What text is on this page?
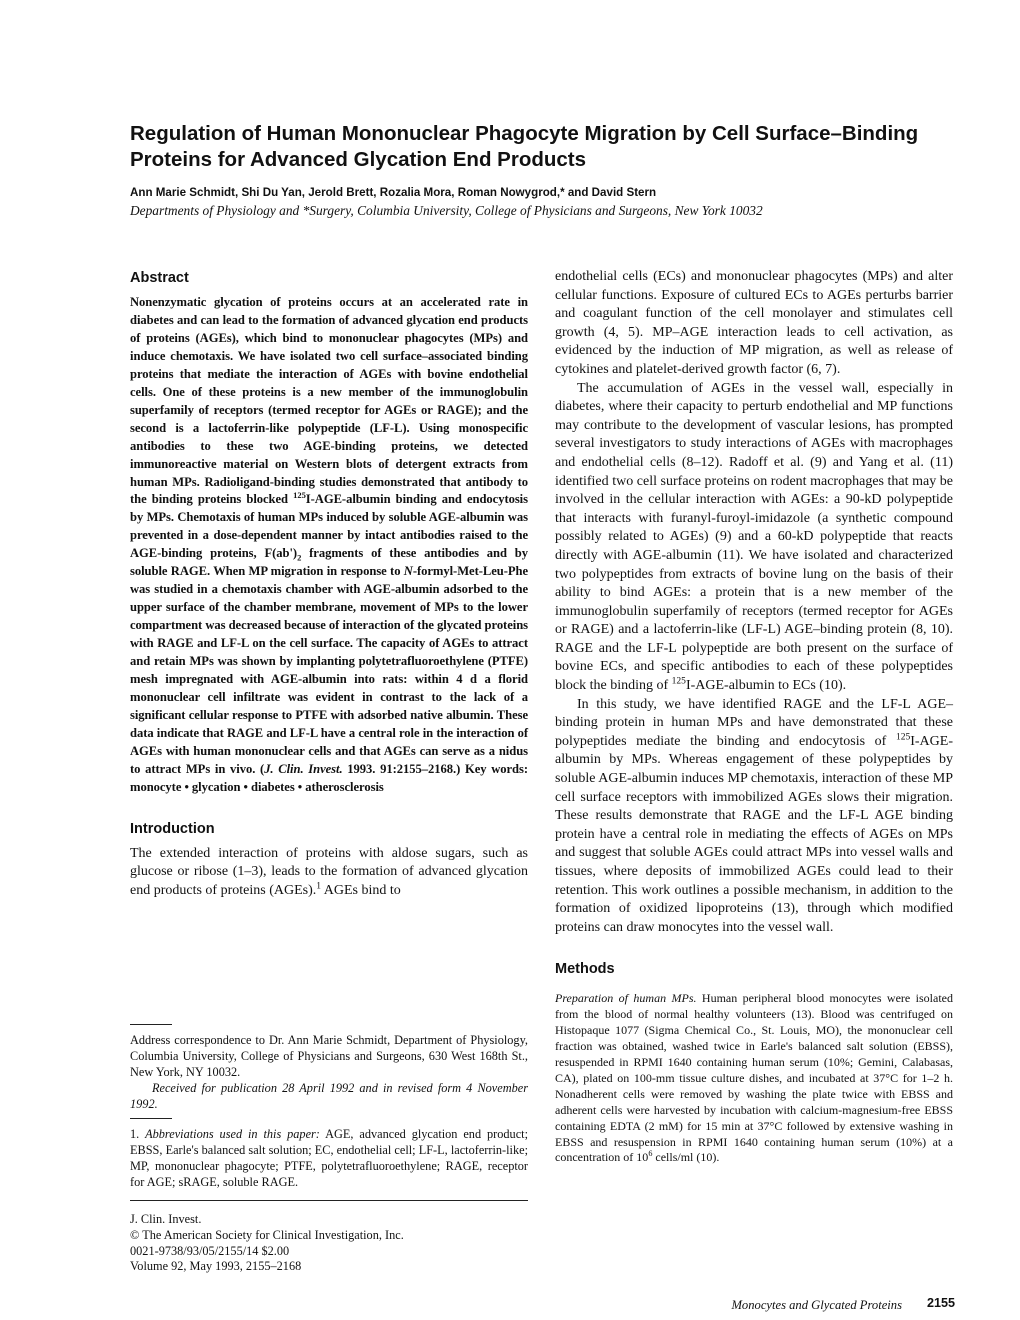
Regulation of Human Mononuclear Phagocyte Migration by Cell Surface–Binding Proteins for Advanced Glycation End Products
Ann Marie Schmidt, Shi Du Yan, Jerold Brett, Rozalia Mora, Roman Nowygrod,* and David Stern
Departments of Physiology and *Surgery, Columbia University, College of Physicians and Surgeons, New York 10032
Abstract

Nonenzymatic glycation of proteins occurs at an accelerated rate in diabetes and can lead to the formation of advanced glycation end products of proteins (AGEs), which bind to mononuclear phagocytes (MPs) and induce chemotaxis. We have isolated two cell surface–associated binding proteins that mediate the interaction of AGEs with bovine endothelial cells. One of these proteins is a new member of the immunoglobulin superfamily of receptors (termed receptor for AGEs or RAGE); and the second is a lactoferrin-like polypeptide (LF-L). Using monospecific antibodies to these two AGE-binding proteins, we detected immunoreactive material on Western blots of detergent extracts from human MPs. Radioligand-binding studies demonstrated that antibody to the binding proteins blocked $^{125}$I-AGE-albumin binding and endocytosis by MPs. Chemotaxis of human MPs induced by soluble AGE-albumin was prevented in a dose-dependent manner by intact antibodies raised to the AGE-binding proteins, $F(ab')_2$ fragments of these antibodies and by soluble RAGE. When MP migration in response to N-formyl-Met-Leu-Phe was studied in a chemotaxis chamber with AGE-albumin adsorbed to the upper surface of the chamber membrane, movement of MPs to the lower compartment was decreased because of interaction of the glycated proteins with RAGE and LF-L on the cell surface. The capacity of AGEs to attract and retain MPs was shown by implanting polytetrafluoroethylene (PTFE) mesh impregnated with AGE-albumin into rats: within 4 d a florid mononuclear cell infiltrate was evident in contrast to the lack of a significant cellular response to PTFE with adsorbed native albumin. These data indicate that RAGE and LF-L have a central role in the interaction of AGEs with human mononuclear cells and that AGEs can serve as a nidus to attract MPs in vivo. (J. Clin. Invest. 1993. 91:2155–2168.) Key words: monocyte • glycation • diabetes • atherosclerosis

Introduction

The extended interaction of proteins with aldose sugars, such as glucose or ribose (1–3), leads to the formation of advanced glycation end products of proteins (AGEs).$^1$ AGEs bind to

Address correspondence to Dr. Ann Marie Schmidt, Department of Physiology, Columbia University, College of Physicians and Surgeons, 630 West 168th St., New York, NY 10032.

Received for publication 28 April 1992 and in revised form 4 November 1992.

1. Abbreviations used in this paper: AGE, advanced glycation end product; EBSS, Earle's balanced salt solution; EC, endothelial cell; LF-L, lactoferrin-like; MP, mononuclear phagocyte; PTFE, polytetrafluoroethylene; RAGE, receptor for AGE; sRAGE, soluble RAGE.

J. Clin. Invest.
© The American Society for Clinical Investigation, Inc.
0021-9738/93/05/2155/14 $2.00
Volume 92, May 1993, 2155–2168

endothelial cells (ECs) and mononuclear phagocytes (MPs) and alter cellular functions. Exposure of cultured ECs to AGEs perturbs barrier and coagulant function of the cell monolayer and stimulates cell growth (4, 5). MP–AGE interaction leads to cell activation, as evidenced by the induction of MP migration, as well as release of cytokines and platelet-derived growth factor (6, 7).

The accumulation of AGEs in the vessel wall, especially in diabetes, where their capacity to perturb endothelial and MP functions may contribute to the development of vascular lesions, has prompted several investigators to study interactions of AGEs with macrophages and endothelial cells (8–12). Radoff et al. (9) and Yang et al. (11) identified two cell surface proteins on rodent macrophages that may be involved in the cellular interaction with AGEs: a 90-kD polypeptide that interacts with furanyl-furoyl-imidazole (a synthetic compound possibly related to AGEs) (9) and a 60-kD polypeptide that reacts directly with AGE-albumin (11). We have isolated and characterized two polypeptides from extracts of bovine lung on the basis of their ability to bind AGEs: a protein that is a new member of the immunoglobulin superfamily of receptors (termed receptor for AGEs or RAGE) and a lactoferrin-like (LF-L) AGE–binding protein (8, 10). RAGE and the LF-L polypeptide are both present on the surface of bovine ECs, and specific antibodies to each of these polypeptides block the binding of $^{125}$I-AGE-albumin to ECs (10).

In this study, we have identified RAGE and the LF-L AGE–binding protein in human MPs and have demonstrated that these polypeptides mediate the binding and endocytosis of $^{125}$I-AGE-albumin by MPs. Whereas engagement of these polypeptides by soluble AGE-albumin induces MP chemotaxis, interaction of these MP cell surface receptors with immobilized AGEs slows their migration. These results demonstrate that RAGE and the LF-L AGE binding protein have a central role in mediating the effects of AGEs on MPs and suggest that soluble AGEs could attract MPs into vessel walls and tissues, where deposits of immobilized AGEs could lead to their retention. This work outlines a possible mechanism, in addition to the formation of oxidized lipoproteins (13), through which modified proteins can draw monocytes into the vessel wall.

Methods

Preparation of human MPs. Human peripheral blood monocytes were isolated from the blood of normal healthy volunteers (13). Blood was centrifuged on Histopaque 1077 (Sigma Chemical Co., St. Louis, MO), the mononuclear cell fraction was obtained, washed twice in Earle's balanced salt solution (EBSS), resuspended in RPMI 1640 containing human serum (10%; Gemini, Calabasas, CA), plated on 100-mm tissue culture dishes, and incubated at 37°C for 1–2 h. Nonadherent cells were removed by washing the plate twice with EBSS and adherent cells were harvested by incubation with calcium-magnesium-free EBSS containing EDTA (2 mM) for 15 min at 37°C followed by extensive washing in EBSS and resuspension in RPMI 1640 containing human serum (10%) at a concentration of $10^6$ cells/ml (10).

Monocytes and Glycated Proteins 2155
